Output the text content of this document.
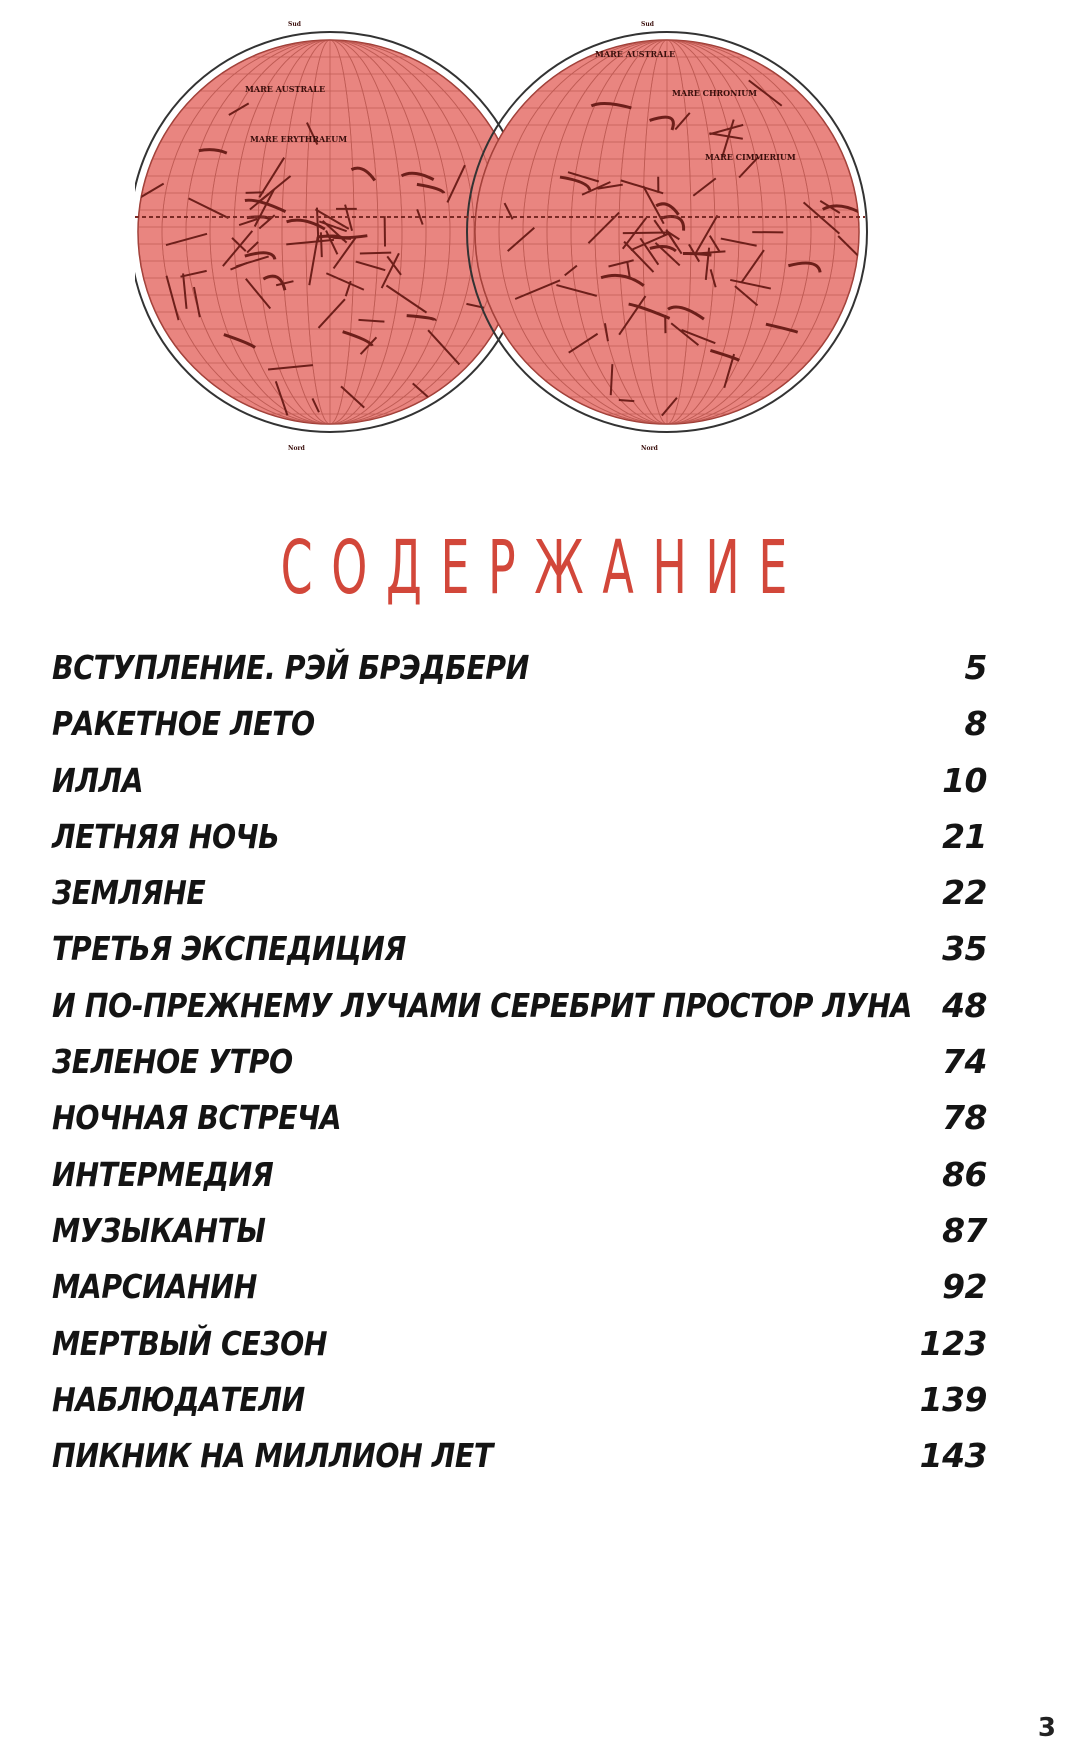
MARE AUSTRALE
MARE ERYTHRAEUM
MARE AUSTRALE
MARE CHRONIUM
MARE CIMMERIUM
Sud	Sud
Nord	Nord
СОДЕРЖАНИЕ
ВСТУПЛЕНИЕ. РЭЙ БРЭДБЕРИ	5
РАКЕТНОЕ ЛЕТО	8
ИЛЛА	10
ЛЕТНЯЯ НОЧЬ	21
ЗЕМЛЯНЕ	22
ТРЕТЬЯ ЭКСПЕДИЦИЯ	35
И ПО-ПРЕЖНЕМУ ЛУЧАМИ СЕРЕБРИТ ПРОСТОР ЛУНА 48
ЗЕЛЕНОЕ УТРО	74
НОЧНАЯ ВСТРЕЧА	78
ИНТЕРМЕДИЯ	86
МУЗЫКАНТЫ	87
МАРСИАНИН	92
МЕРТВЫЙ СЕЗОН	123
НАБЛЮДАТЕЛИ	139
ПИКНИК НА МИЛЛИОН ЛЕТ	143
3
